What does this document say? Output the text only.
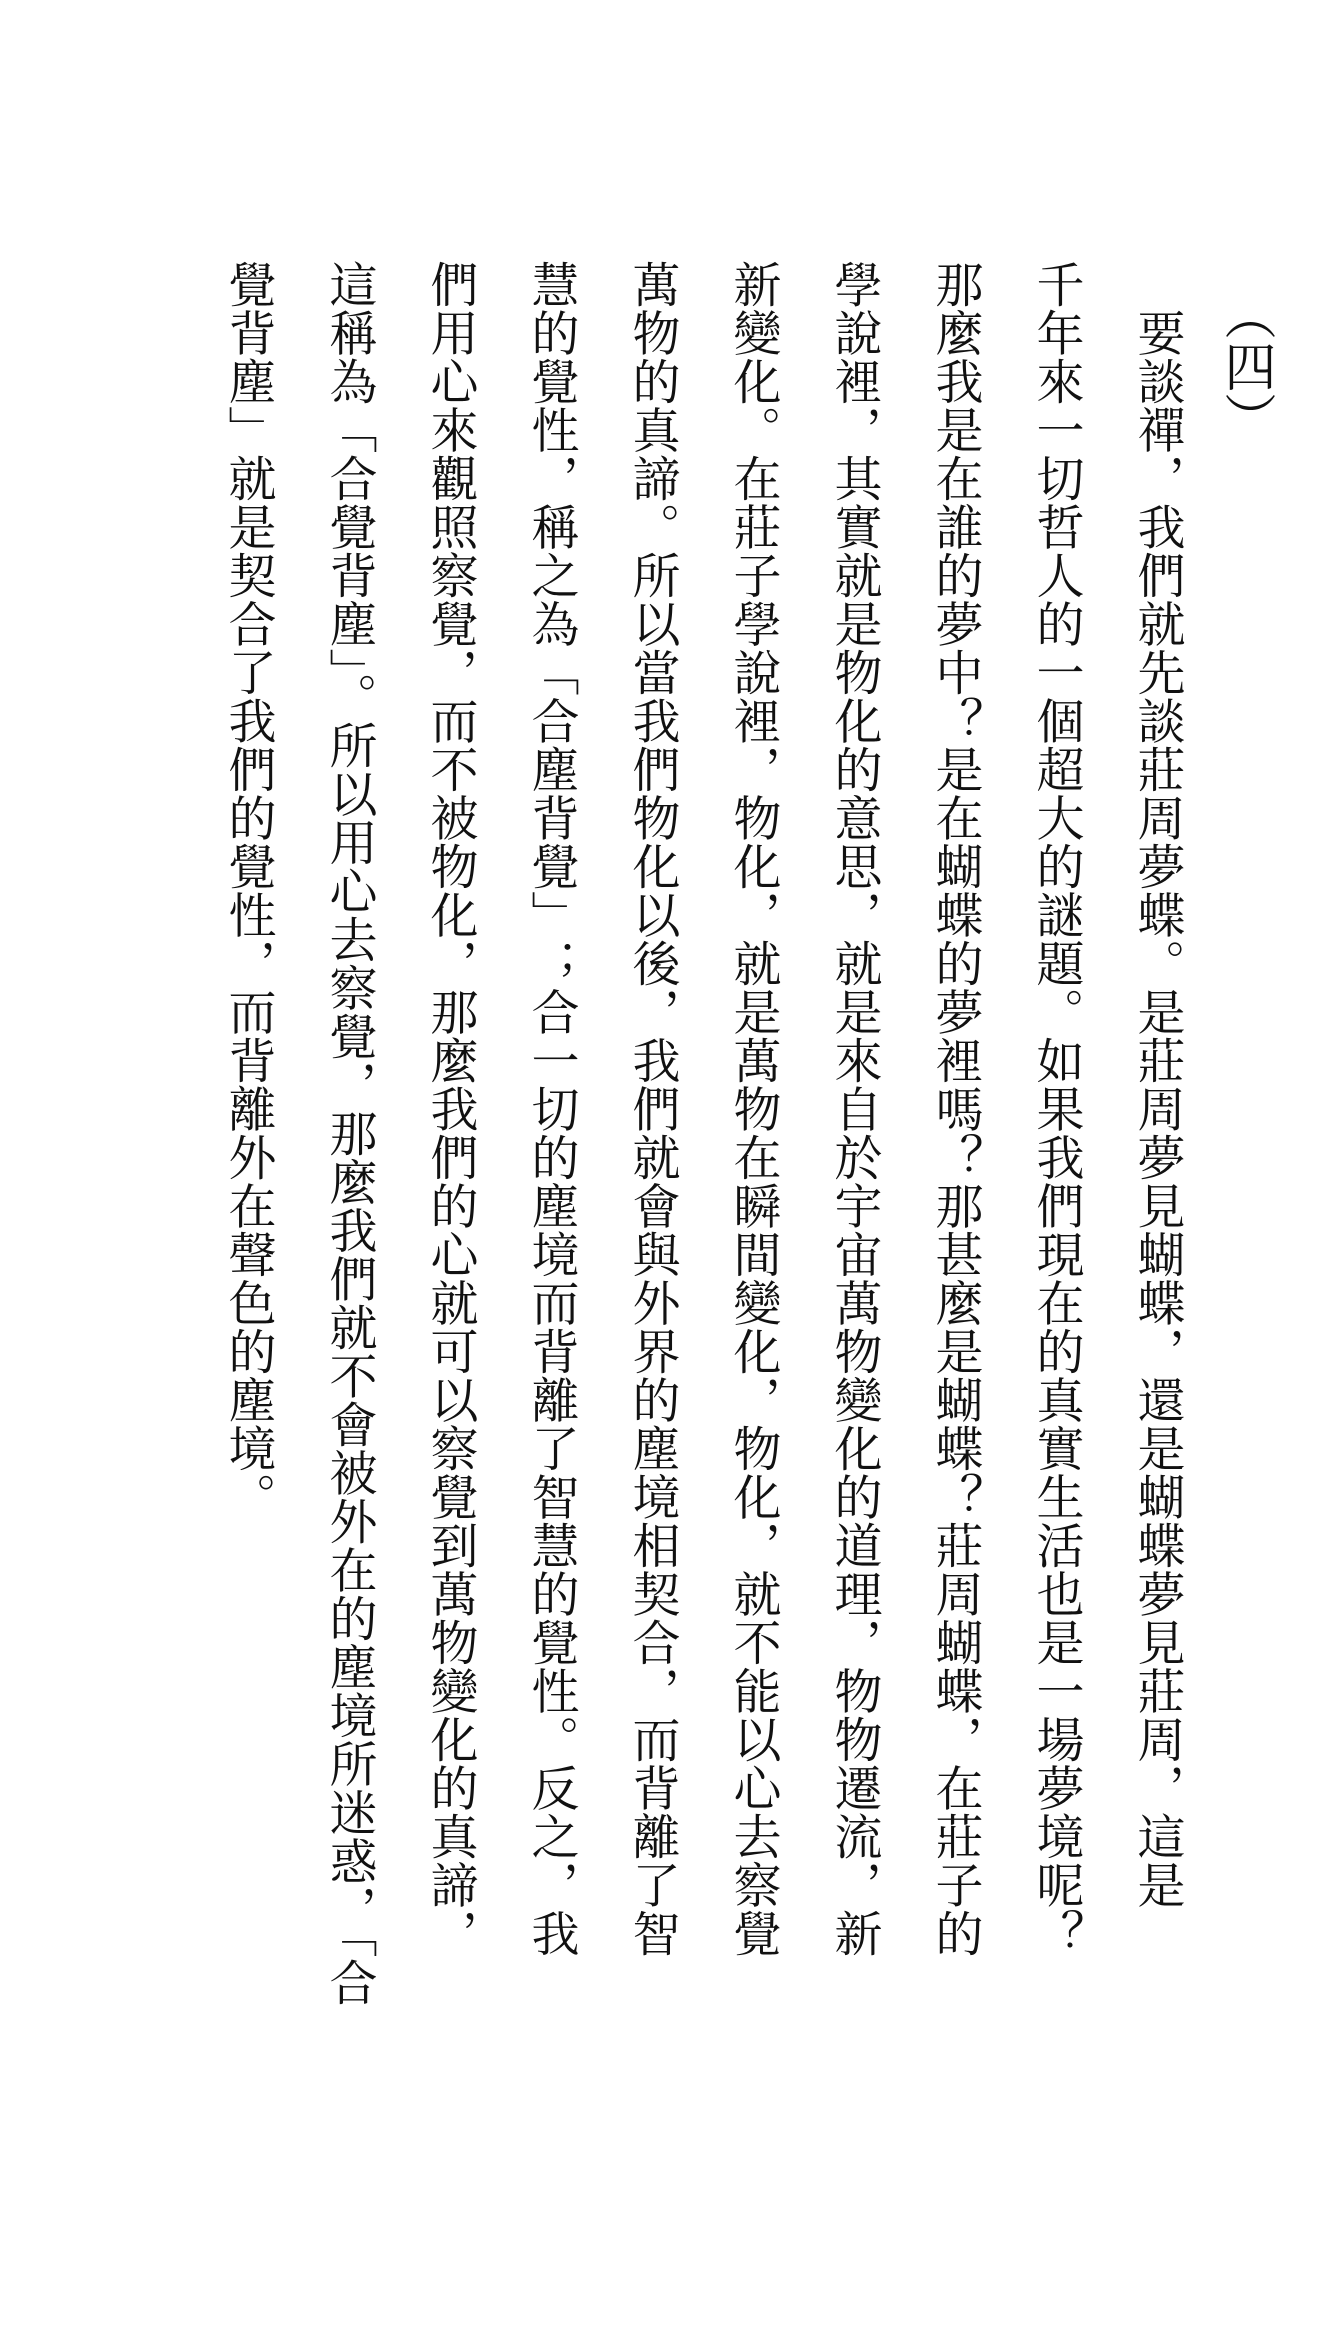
（四）
　要談禪，我們就先談莊周夢蝶。是莊周夢見蝴蝶，還是蝴蝶夢見莊周，這是
千年來一切哲人的一個超大的謎題。如果我們現在的真實生活也是一場夢境呢？
那麼我是在誰的夢中？是在蝴蝶的夢裡嗎？那甚麼是蝴蝶？莊周蝴蝶，在莊子的
學說裡，其實就是物化的意思，就是來自於宇宙萬物變化的道理，物物遷流，新
新變化。在莊子學說裡，物化，就是萬物在瞬間變化，物化，就不能以心去察覺
萬物的真諦。所以當我們物化以後，我們就會與外界的塵境相契合，而背離了智
慧的覺性，稱之為「合塵背覺」；合一切的塵境而背離了智慧的覺性。反之，我
們用心來觀照察覺，而不被物化，那麼我們的心就可以察覺到萬物變化的真諦，
這稱為「合覺背塵」。所以用心去察覺，那麼我們就不會被外在的塵境所迷惑，「合
覺背塵」就是契合了我們的覺性，而背離外在聲色的塵境。
